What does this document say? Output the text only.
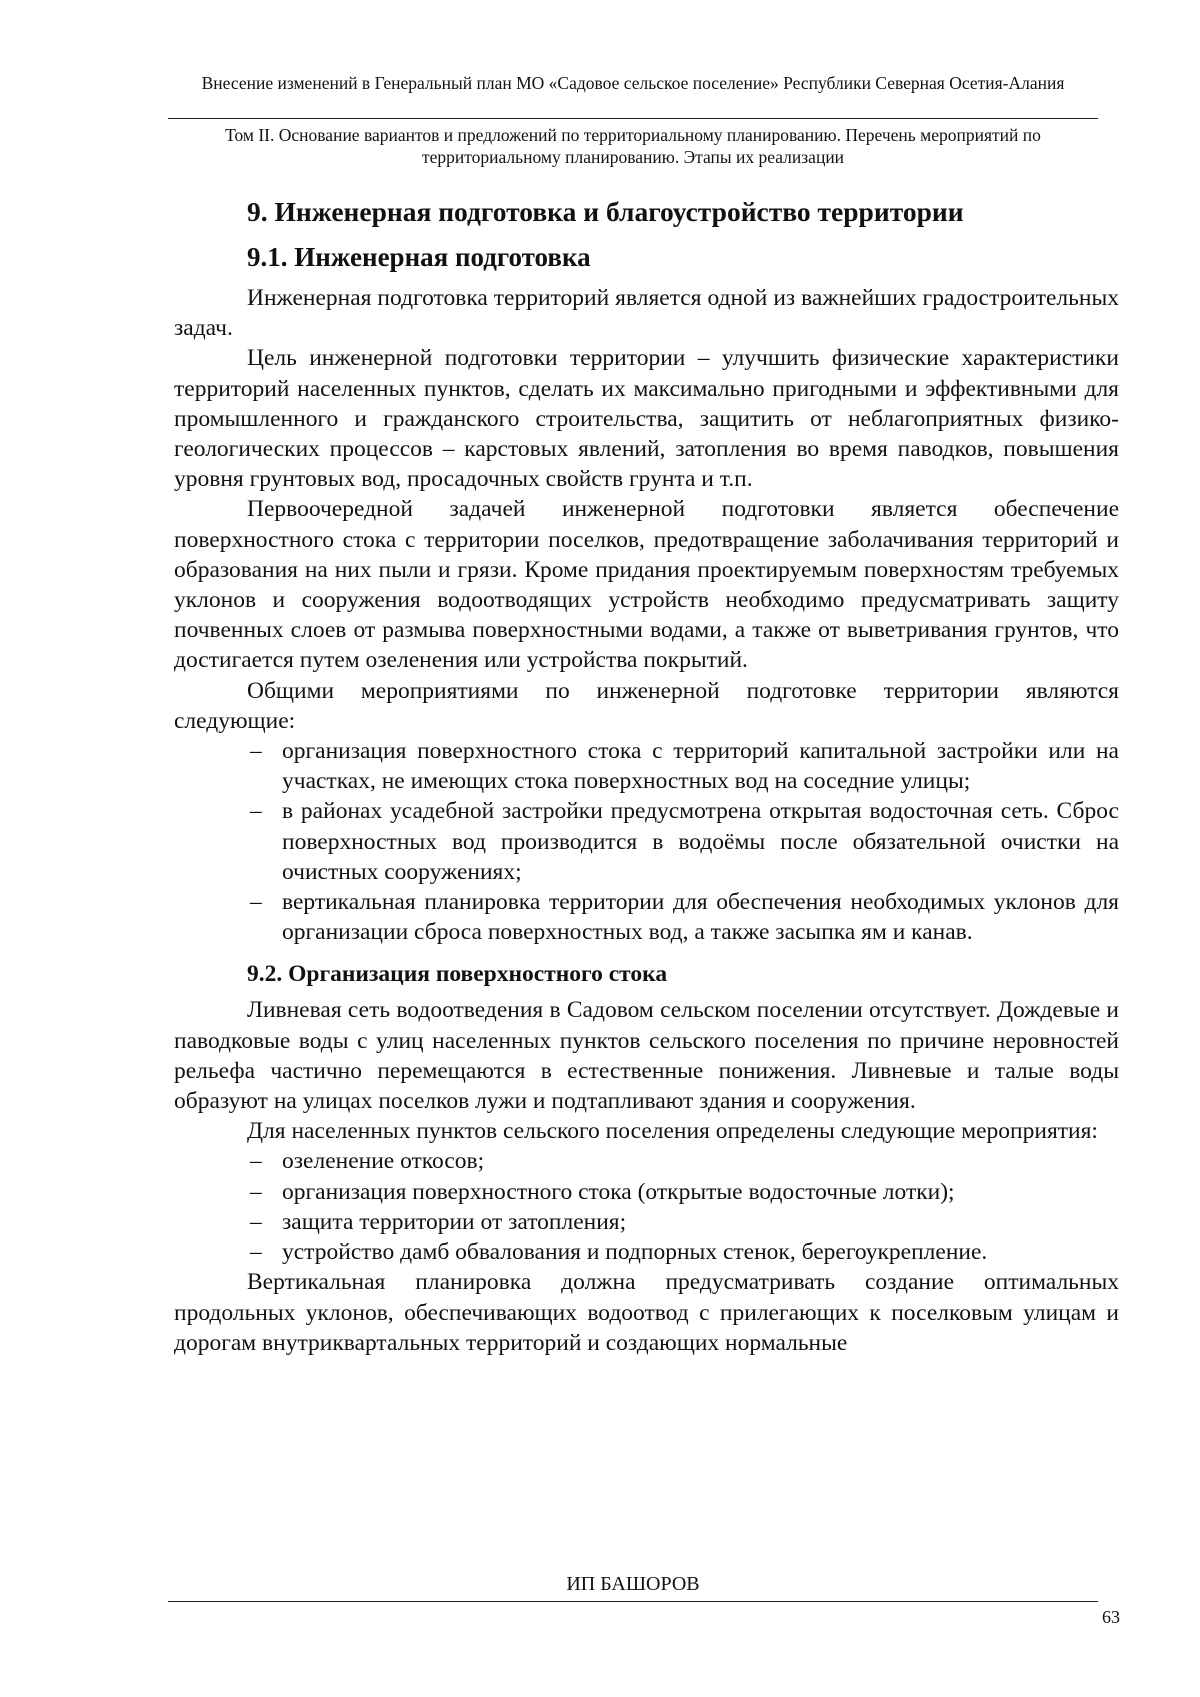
Внесение изменений в Генеральный план МО «Садовое сельское поселение» Республики Северная Осетия-Алания
Том II. Основание вариантов и предложений по территориальному планированию. Перечень мероприятий по территориальному планированию. Этапы их реализации
9. Инженерная подготовка и благоустройство территории
9.1. Инженерная подготовка

Инженерная подготовка территорий является одной из важнейших градостроительных задач.

Цель инженерной подготовки территории – улучшить физические характеристики территорий населенных пунктов, сделать их максимально пригодными и эффективными для промышленного и гражданского строительства, защитить от неблагоприятных физико-геологических процессов – карстовых явлений, затопления во время паводков, повышения уровня грунтовых вод, просадочных свойств грунта и т.п.

Первоочередной задачей инженерной подготовки является обеспечение поверхностного стока с территории поселков, предотвращение заболачивания территорий и образования на них пыли и грязи. Кроме придания проектируемым поверхностям требуемых уклонов и сооружения водоотводящих устройств необходимо предусматривать защиту почвенных слоев от размыва поверхностными водами, а также от выветривания грунтов, что достигается путем озеленения или устройства покрытий.

Общими мероприятиями по инженерной подготовке территории являются следующие:

– организация поверхностного стока с территорий капитальной застройки или на участках, не имеющих стока поверхностных вод на соседние улицы;
– в районах усадебной застройки предусмотрена открытая водосточная сеть. Сброс поверхностных вод производится в водоёмы после обязательной очистки на очистных сооружениях;
– вертикальная планировка территории для обеспечения необходимых уклонов для организации сброса поверхностных вод, а также засыпка ям и канав.
9.2. Организация поверхностного стока

Ливневая сеть водоотведения в Садовом сельском поселении отсутствует. Дождевые и паводковые воды с улиц населенных пунктов сельского поселения по причине неровностей рельефа частично перемещаются в естественные понижения. Ливневые и талые воды образуют на улицах поселков лужи и подтапливают здания и сооружения.

Для населенных пунктов сельского поселения определены следующие мероприятия:

– озеленение откосов;
– организация поверхностного стока (открытые водосточные лотки);
– защита территории от затопления;
– устройство дамб обвалования и подпорных стенок, берегоукрепление.

Вертикальная планировка должна предусматривать создание оптимальных продольных уклонов, обеспечивающих водоотвод с прилегающих к поселковым улицам и дорогам внутриквартальных территорий и создающих нормальные

ИП БАШОРОВ
63
